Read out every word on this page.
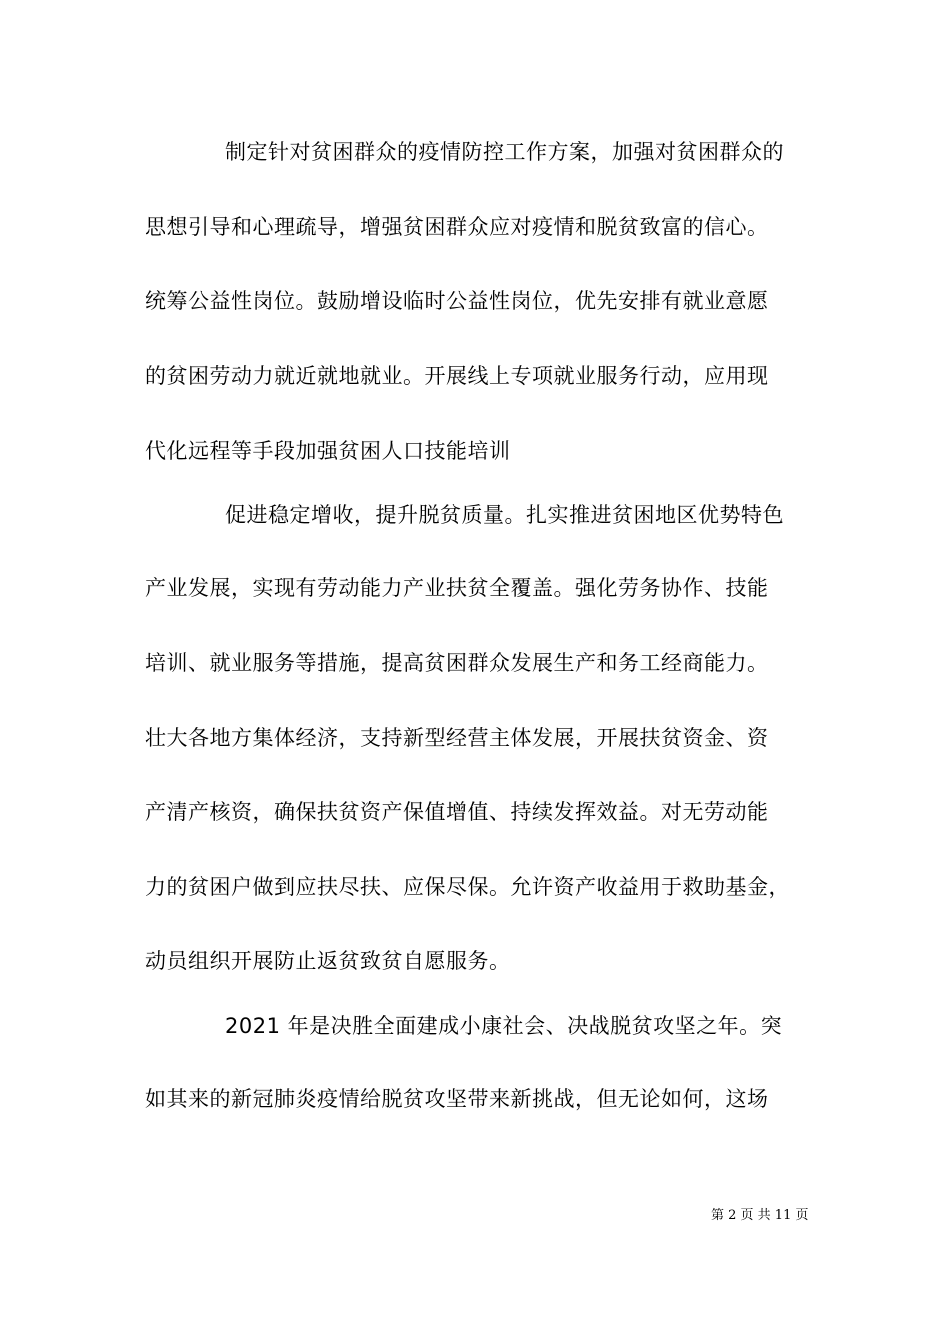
制定针对贫困群众的疫情防控工作方案，加强对贫困群众的
思想引导和心理疏导，增强贫困群众应对疫情和脱贫致富的信心。
统筹公益性岗位。鼓励增设临时公益性岗位，优先安排有就业意愿
的贫困劳动力就近就地就业。开展线上专项就业服务行动，应用现
代化远程等手段加强贫困人口技能培训
促进稳定增收，提升脱贫质量。扎实推进贫困地区优势特色
产业发展，实现有劳动能力产业扶贫全覆盖。强化劳务协作、技能
培训、就业服务等措施，提高贫困群众发展生产和务工经商能力。
壮大各地方集体经济，支持新型经营主体发展，开展扶贫资金、资
产清产核资，确保扶贫资产保值增值、持续发挥效益。对无劳动能
力的贫困户做到应扶尽扶、应保尽保。允许资产收益用于救助基金，
动员组织开展防止返贫致贫自愿服务。
2021 年是决胜全面建成小康社会、决战脱贫攻坚之年。突
如其来的新冠肺炎疫情给脱贫攻坚带来新挑战，但无论如何，这场
第 2 页 共 11 页
